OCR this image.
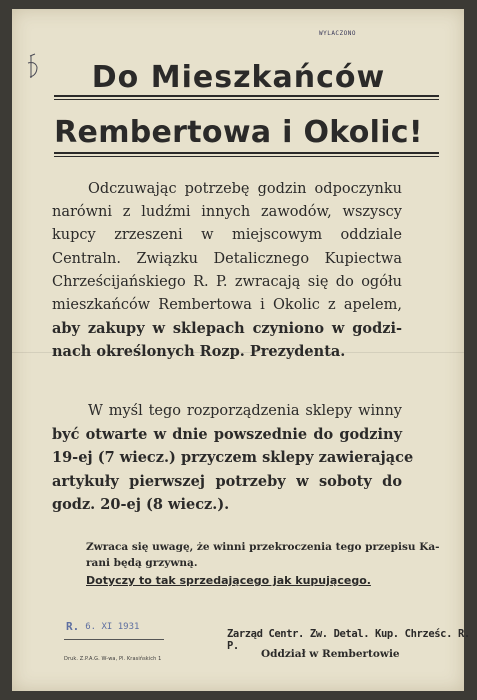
WYLACZONO
Do Mieszkańców
Rembertowa i Okolic!
Odczuwając potrzebę godzin odpoczynku
narówni z ludźmi innych zawodów, wszyscy
kupcy zrzeszeni w miejscowym oddziale
Centraln. Związku Detalicznego Kupiectwa
Chrześcijańskiego R. P. zwracają się do ogółu
mieszkańców Rembertowa i Okolic z apelem,
aby zakupy w sklepach czyniono w godzi-
nach określonych Rozp. Prezydenta.
W myśl tego rozporządzenia sklepy winny
być otwarte w dnie powszednie do godziny
19-ej (7 wiecz.) przyczem sklepy zawierające
artykuły pierwszej potrzeby w soboty do
godz. 20-ej (8 wiecz.).
Zwraca się uwagę, że winni przekroczenia tego przepisu Ka-
rani będą grzywną.
Dotyczy to tak sprzedającego jak kupującego.
R. 6. XI 1931
Druk. Z.P.A.G. W-wa, Pl. Krasińskich 1
Zarząd Centr. Zw. Detal. Kup. Chrześc. R. P.
Oddział w Rembertowie
